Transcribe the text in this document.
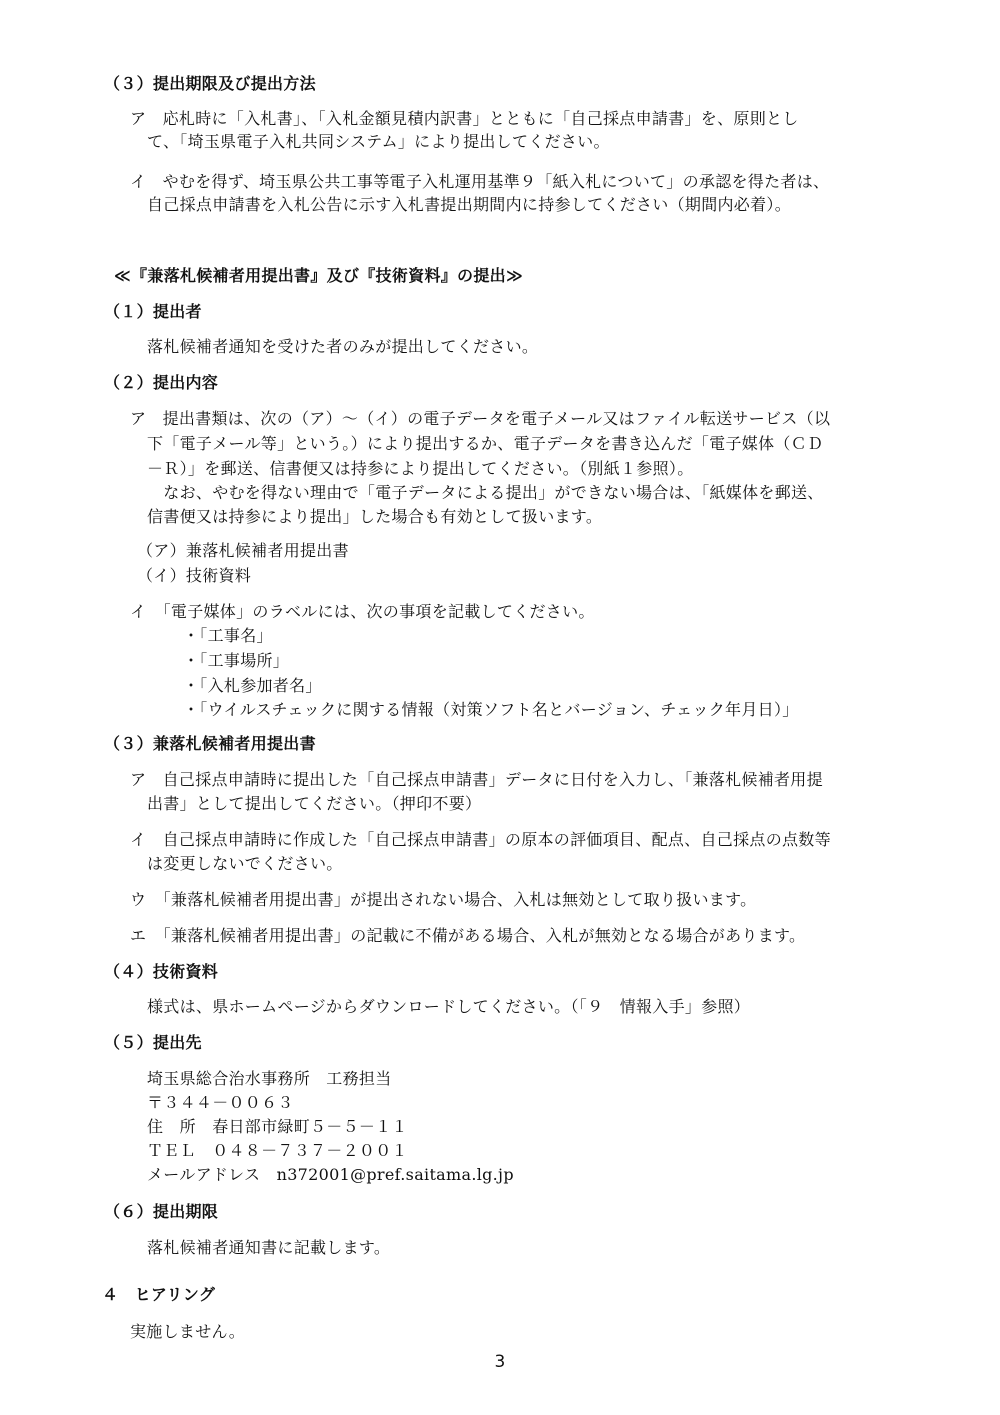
（３）提出期限及び提出方法
ア　応札時に「入札書」、「入札金額見積内訳書」とともに「自己採点申請書」を、原則とし
て、「埼玉県電子入札共同システム」により提出してください。
イ　やむを得ず、埼玉県公共工事等電子入札運用基準９「紙入札について」の承認を得た者は、
自己採点申請書を入札公告に示す入札書提出期間内に持参してください（期間内必着）。
≪『兼落札候補者用提出書』及び『技術資料』の提出≫
（１）提出者
落札候補者通知を受けた者のみが提出してください。
（２）提出内容
ア　提出書類は、次の（ア）～（イ）の電子データを電子メール又はファイル転送サービス（以
下「電子メール等」という。）により提出するか、電子データを書き込んだ「電子媒体（ＣＤ
－Ｒ）」を郵送、信書便又は持参により提出してください。（別紙１参照）。
　なお、やむを得ない理由で「電子データによる提出」ができない場合は、「紙媒体を郵送、
信書便又は持参により提出」した場合も有効として扱います。
（ア）兼落札候補者用提出書
（イ）技術資料
イ　「電子媒体」のラベルには、次の事項を記載してください。
・「工事名」
・「工事場所」
・「入札参加者名」
・「ウイルスチェックに関する情報（対策ソフト名とバージョン、チェック年月日）」
（３）兼落札候補者用提出書
ア　自己採点申請時に提出した「自己採点申請書」データに日付を入力し、「兼落札候補者用提
出書」として提出してください。（押印不要）
イ　自己採点申請時に作成した「自己採点申請書」の原本の評価項目、配点、自己採点の点数等
は変更しないでください。
ウ　「兼落札候補者用提出書」が提出されない場合、入札は無効として取り扱います。
エ　「兼落札候補者用提出書」の記載に不備がある場合、入札が無効となる場合があります。
（４）技術資料
様式は、県ホームページからダウンロードしてください。（「９　情報入手」参照）
（５）提出先
埼玉県総合治水事務所　工務担当
〒３４４－００６３
住　所　春日部市緑町５－５－１１
ＴＥＬ　０４８－７３７－２００１
メールアドレス　n372001@pref.saitama.lg.jp
（６）提出期限
落札候補者通知書に記載します。
４　ヒアリング
実施しません。
3
